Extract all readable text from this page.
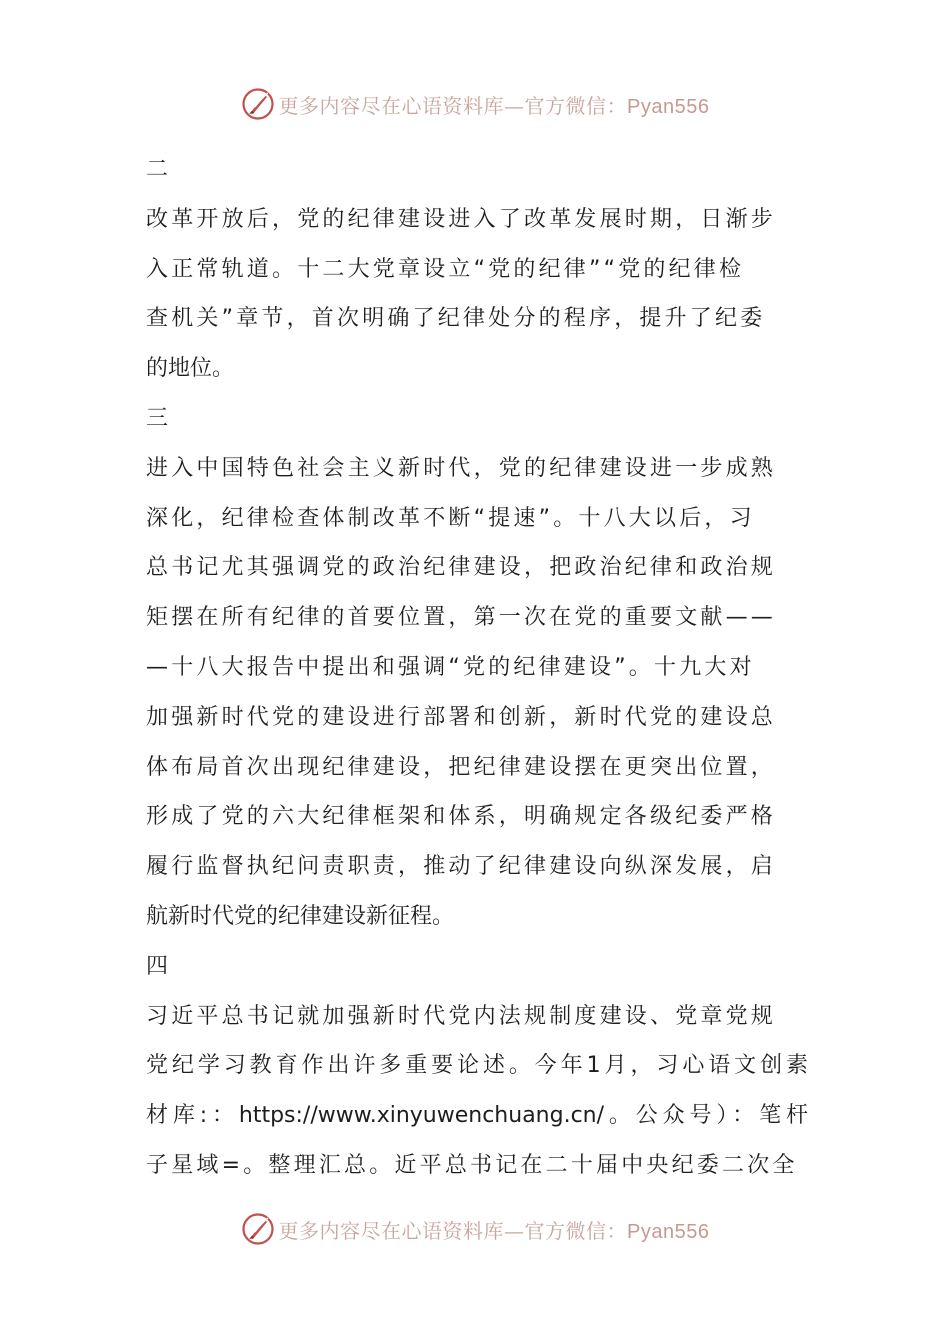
更多内容尽在心语资料库—官方微信：Pyan556
二
改革开放后，党的纪律建设进入了改革发展时期，日渐步
入正常轨道。十二大党章设立“党的纪律”“党的纪律检
查机关”章节，首次明确了纪律处分的程序，提升了纪委
的地位。
三
进入中国特色社会主义新时代，党的纪律建设进一步成熟
深化，纪律检查体制改革不断“提速”。十八大以后，习
总书记尤其强调党的政治纪律建设，把政治纪律和政治规
矩摆在所有纪律的首要位置，第一次在党的重要文献——
—十八大报告中提出和强调“党的纪律建设”。十九大对
加强新时代党的建设进行部署和创新，新时代党的建设总
体布局首次出现纪律建设，把纪律建设摆在更突出位置，
形成了党的六大纪律框架和体系，明确规定各级纪委严格
履行监督执纪问责职责，推动了纪律建设向纵深发展，启
航新时代党的纪律建设新征程。
四
习近平总书记就加强新时代党内法规制度建设、党章党规
党纪学习教育作出许多重要论述。今年1月，习心语文创素
材库:：https://www.xinyuwenchuang.cn/。公众号）：笔杆
子星域=。整理汇总。近平总书记在二十届中央纪委二次全
更多内容尽在心语资料库—官方微信：Pyan556
